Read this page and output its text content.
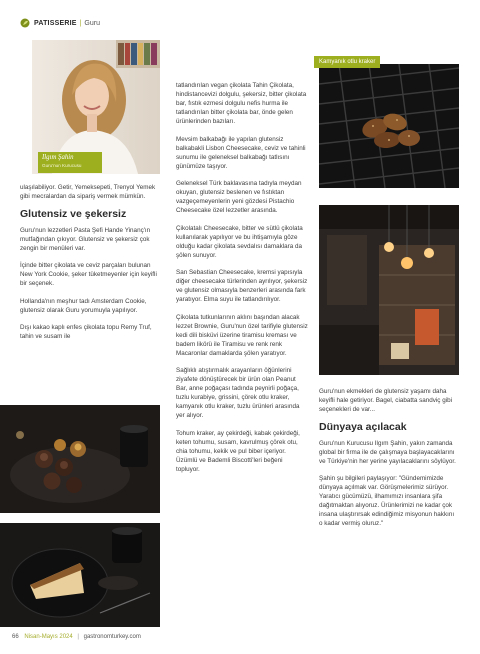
PATISSERIE | Guru
Ilgım Şahin
Guru'nun Kurucusu

ulaşılabiliyor. Getir, Yemeksepeti, Trenyol Yemek gibi mecralardan da sipariş vermek mümkün.

Glutensiz ve şekersiz

Guru'nun lezzetleri Pasta Şefi Hande Yinanç'ın mutfağından çıkıyor. Glutensiz ve şekersiz çok zengin bir menüleri var.

İçinde bitter çikolata ve ceviz parçaları bulunan New York Cookie, şeker tüketmeyenler için keyifli bir seçenek.

Hollanda'nın meşhur tadı Amsterdam Cookie, glutensiz olarak Guru yorumuyla yapılıyor.

Dışı kakao kaplı enfes çikolata topu Remy Truf, tahin ve susam ile

tatlandırılan vegan çikolata Tahin Çikolata, hindistancevizi dolgulu, şekersiz, bitter çikolata bar, fıstık ezmesi dolgulu nefis hurma ile tatlandırılan bitter çikolata bar, önde gelen ürünlerinden bazıları.

Mevsim balkabağı ile yapılan glutensiz balkabakli Lisbon Cheesecake, ceviz ve tahinli sunumu ile geleneksel balkabağı tatlısını günümüze taşıyor.

Geleneksel Türk baklavasına tadıyla meydan okuyan, glutensiz beslenen ve fıstıktan vazgeçemeyenlerin yeni gözdesi Pistachio Cheesecake özel lezzetler arasında.

Çikolatalı Cheesecake, bitter ve sütlü çikolata kullanılarak yapılıyor ve bu ihtişamıyla göze olduğu kadar çikolata sevdalısı damaklara da şölen sunuyor.

San Sebastian Cheesecake, kremsi yapısıyla diğer cheesecake türlerinden ayrılıyor, şekersiz ve glutensiz olmasıyla benzerleri arasında fark yaratıyor. Elma suyu ile tatlandırılıyor.

Çikolata tutkunlarının aklını başından alacak lezzet Brownie, Guru'nun özel tarifiyle glutensiz kedi dili bisküvi üzerine tiramisu kreması ve badem likörü ile Tiramisu ve renk renk Macaronlar damaklarda şölen yaratıyor.

Sağlıklı atıştırmalık arayanların öğünlerini ziyafete dönüştürecek bir ürün olan Peanut Bar, anne poğaçası tadında peynirli poğaça, tuzlu kurabiye, grissini, çörek otlu kraker, kamyanık otlu kraker, tuzlu ürünleri arasında yer alıyor.

Tohum kraker, ay çekirdeği, kabak çekirdeği, keten tohumu, susam, kavrulmuş çörek otu, chia tohumu, kekik ve pul biber içeriyor. Üzümlü ve Bademli Biscotti'leri beğeni topluyor.

Kamyanık otlu kraker

Guru'nun ekmekleri de glutensiz yaşamı daha keyifli hale getiriyor. Bagel, ciabatta sandviç gibi seçenekleri de var...

Dünyaya açılacak

Guru'nun Kurucusu Ilgım Şahin, yakın zamanda global bir firma ile de çalışmaya başlayacaklarını ve Türkiye'nin her yerine yayılacaklarını söylüyor.

Şahin şu bilgileri paylaşıyor: "Gündemimizde dünyaya açılmak var. Görüşmelerimiz sürüyor. Yaratıcı gücümüzü, ilhamımızı insanlara şifa dağıtmaktan alıyoruz. Ürünlerimizi ne kadar çok insana ulaştırırsak edindiğimiz misyonun hakkını o kadar vermiş oluruz."

66 Nisan-Mayıs 2024 | gastronomturkey.com
